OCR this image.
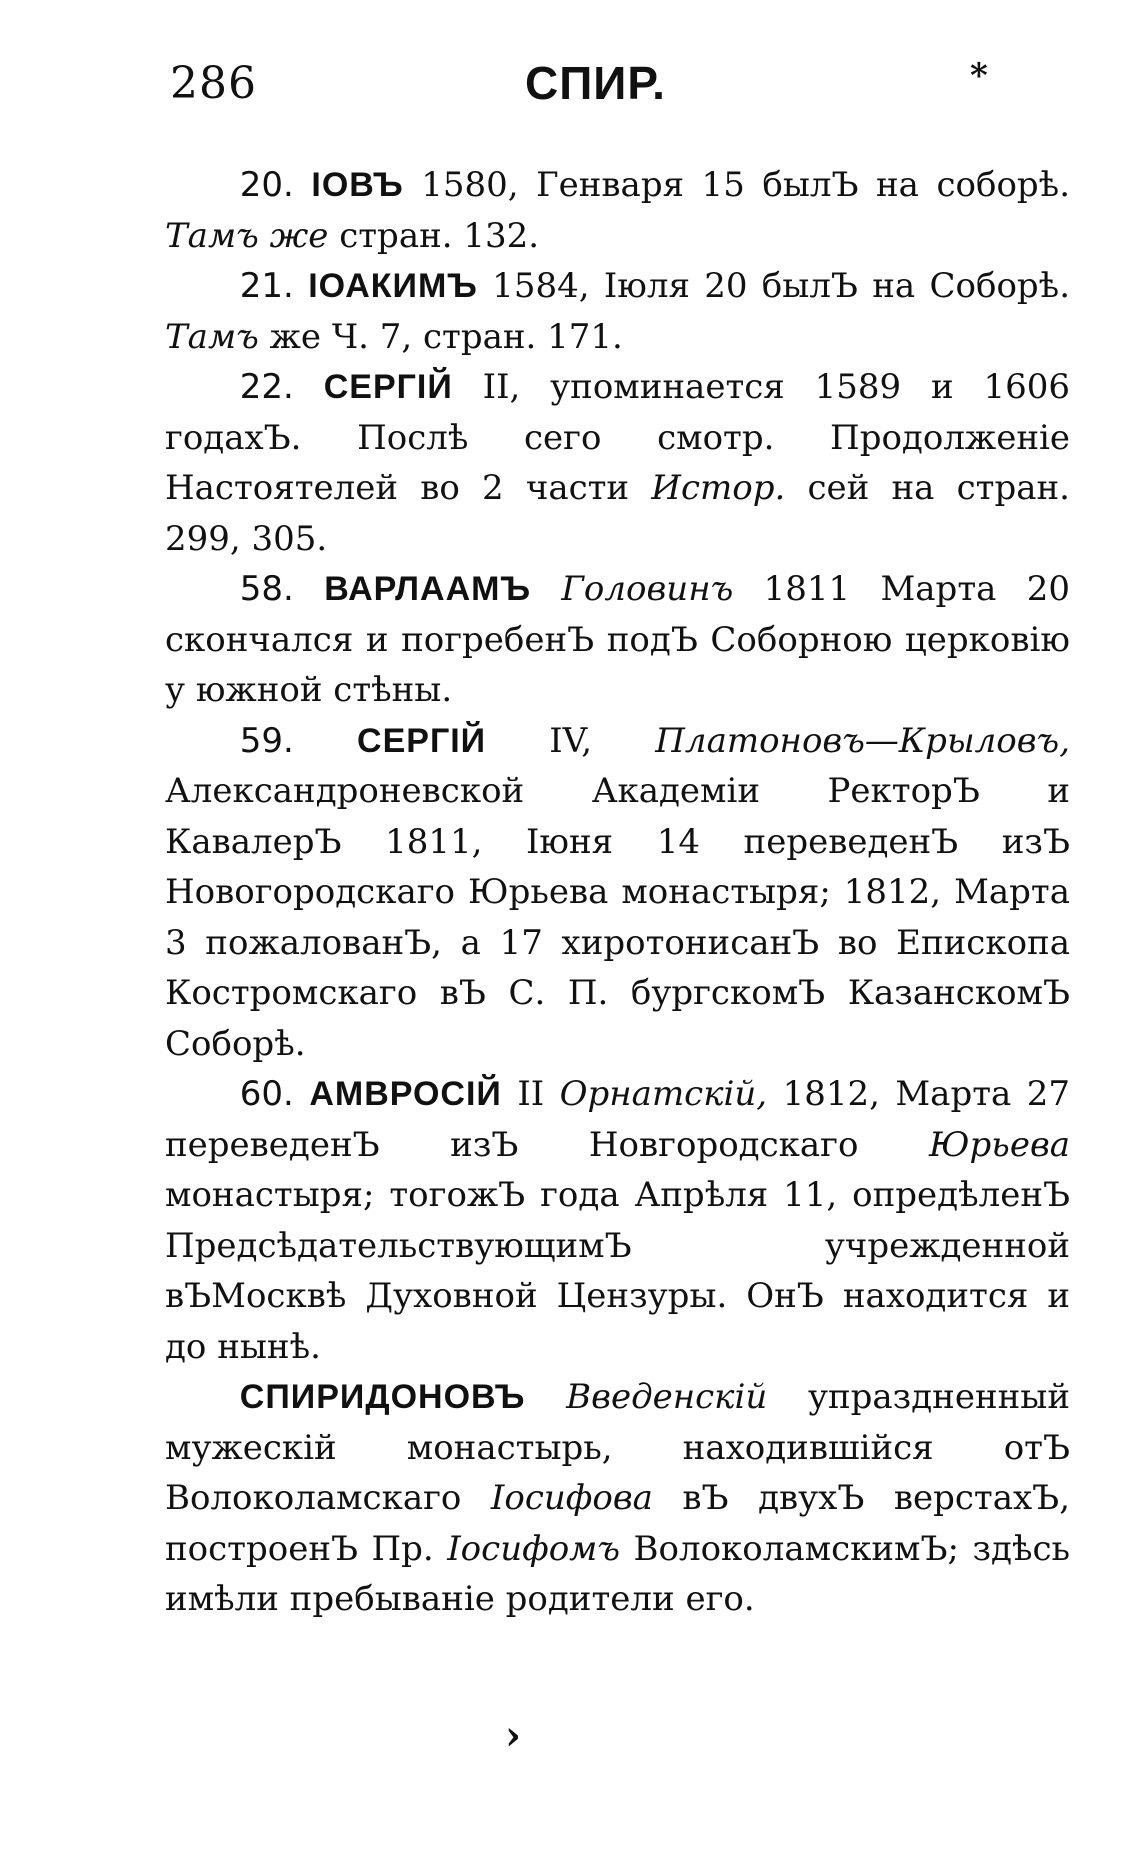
286	СПИР.	*

20. ІОВЪ 1580, Генваря 15 былЪ на соборѣ. Тамъ же стран. 132.

21. ІОАКИМЪ 1584, Іюля 20 былЪ на Соборѣ. Тамъ же Ч. 7, стран. 171.

22. СЕРГІЙ II, упоминается 1589 и 1606 годахЪ. Послѣ сего смотр. Продолженіе Настоятелей во 2 части Истор. сей на стран. 299, 305.

58. ВАРЛААМЪ Головинъ 1811 Марта 20 скончался и погребенЪ подЪ Соборною церковію у южной стѣны.

59. СЕРГІЙ IV, Платоновъ—Крыловъ, Александроневской Академіи РекторЪ и КавалерЪ 1811, Іюня 14 переведенЪ изЪ Новогородскаго Юрьева монастыря; 1812, Марта 3 пожалованЪ, а 17 хиротонисанЪ во Епископа Костромскаго вЪ С. П. бургскомЪ КазанскомЪ Соборѣ.

60. АМВРОСІЙ II Орнатскій, 1812, Марта 27 переведенЪ изЪ Новгородскаго Юрьева монастыря; тогожЪ года Апрѣля 11, опредѣленЪ ПредсѣдательствующимЪ учрежденной вЪМосквѣ Духовной Цензуры. ОнЪ находится и до нынѣ.

СПИРИДОНОВЪ Введенскій упраздненный мужескій монастырь, находившійся отЪ Волоколамскаго Іосифова вЪ двухЪ верстахЪ, построенЪ Пр. Іосифомъ ВолоколамскимЪ; здѣсь имѣли пребываніе родители его.

›
